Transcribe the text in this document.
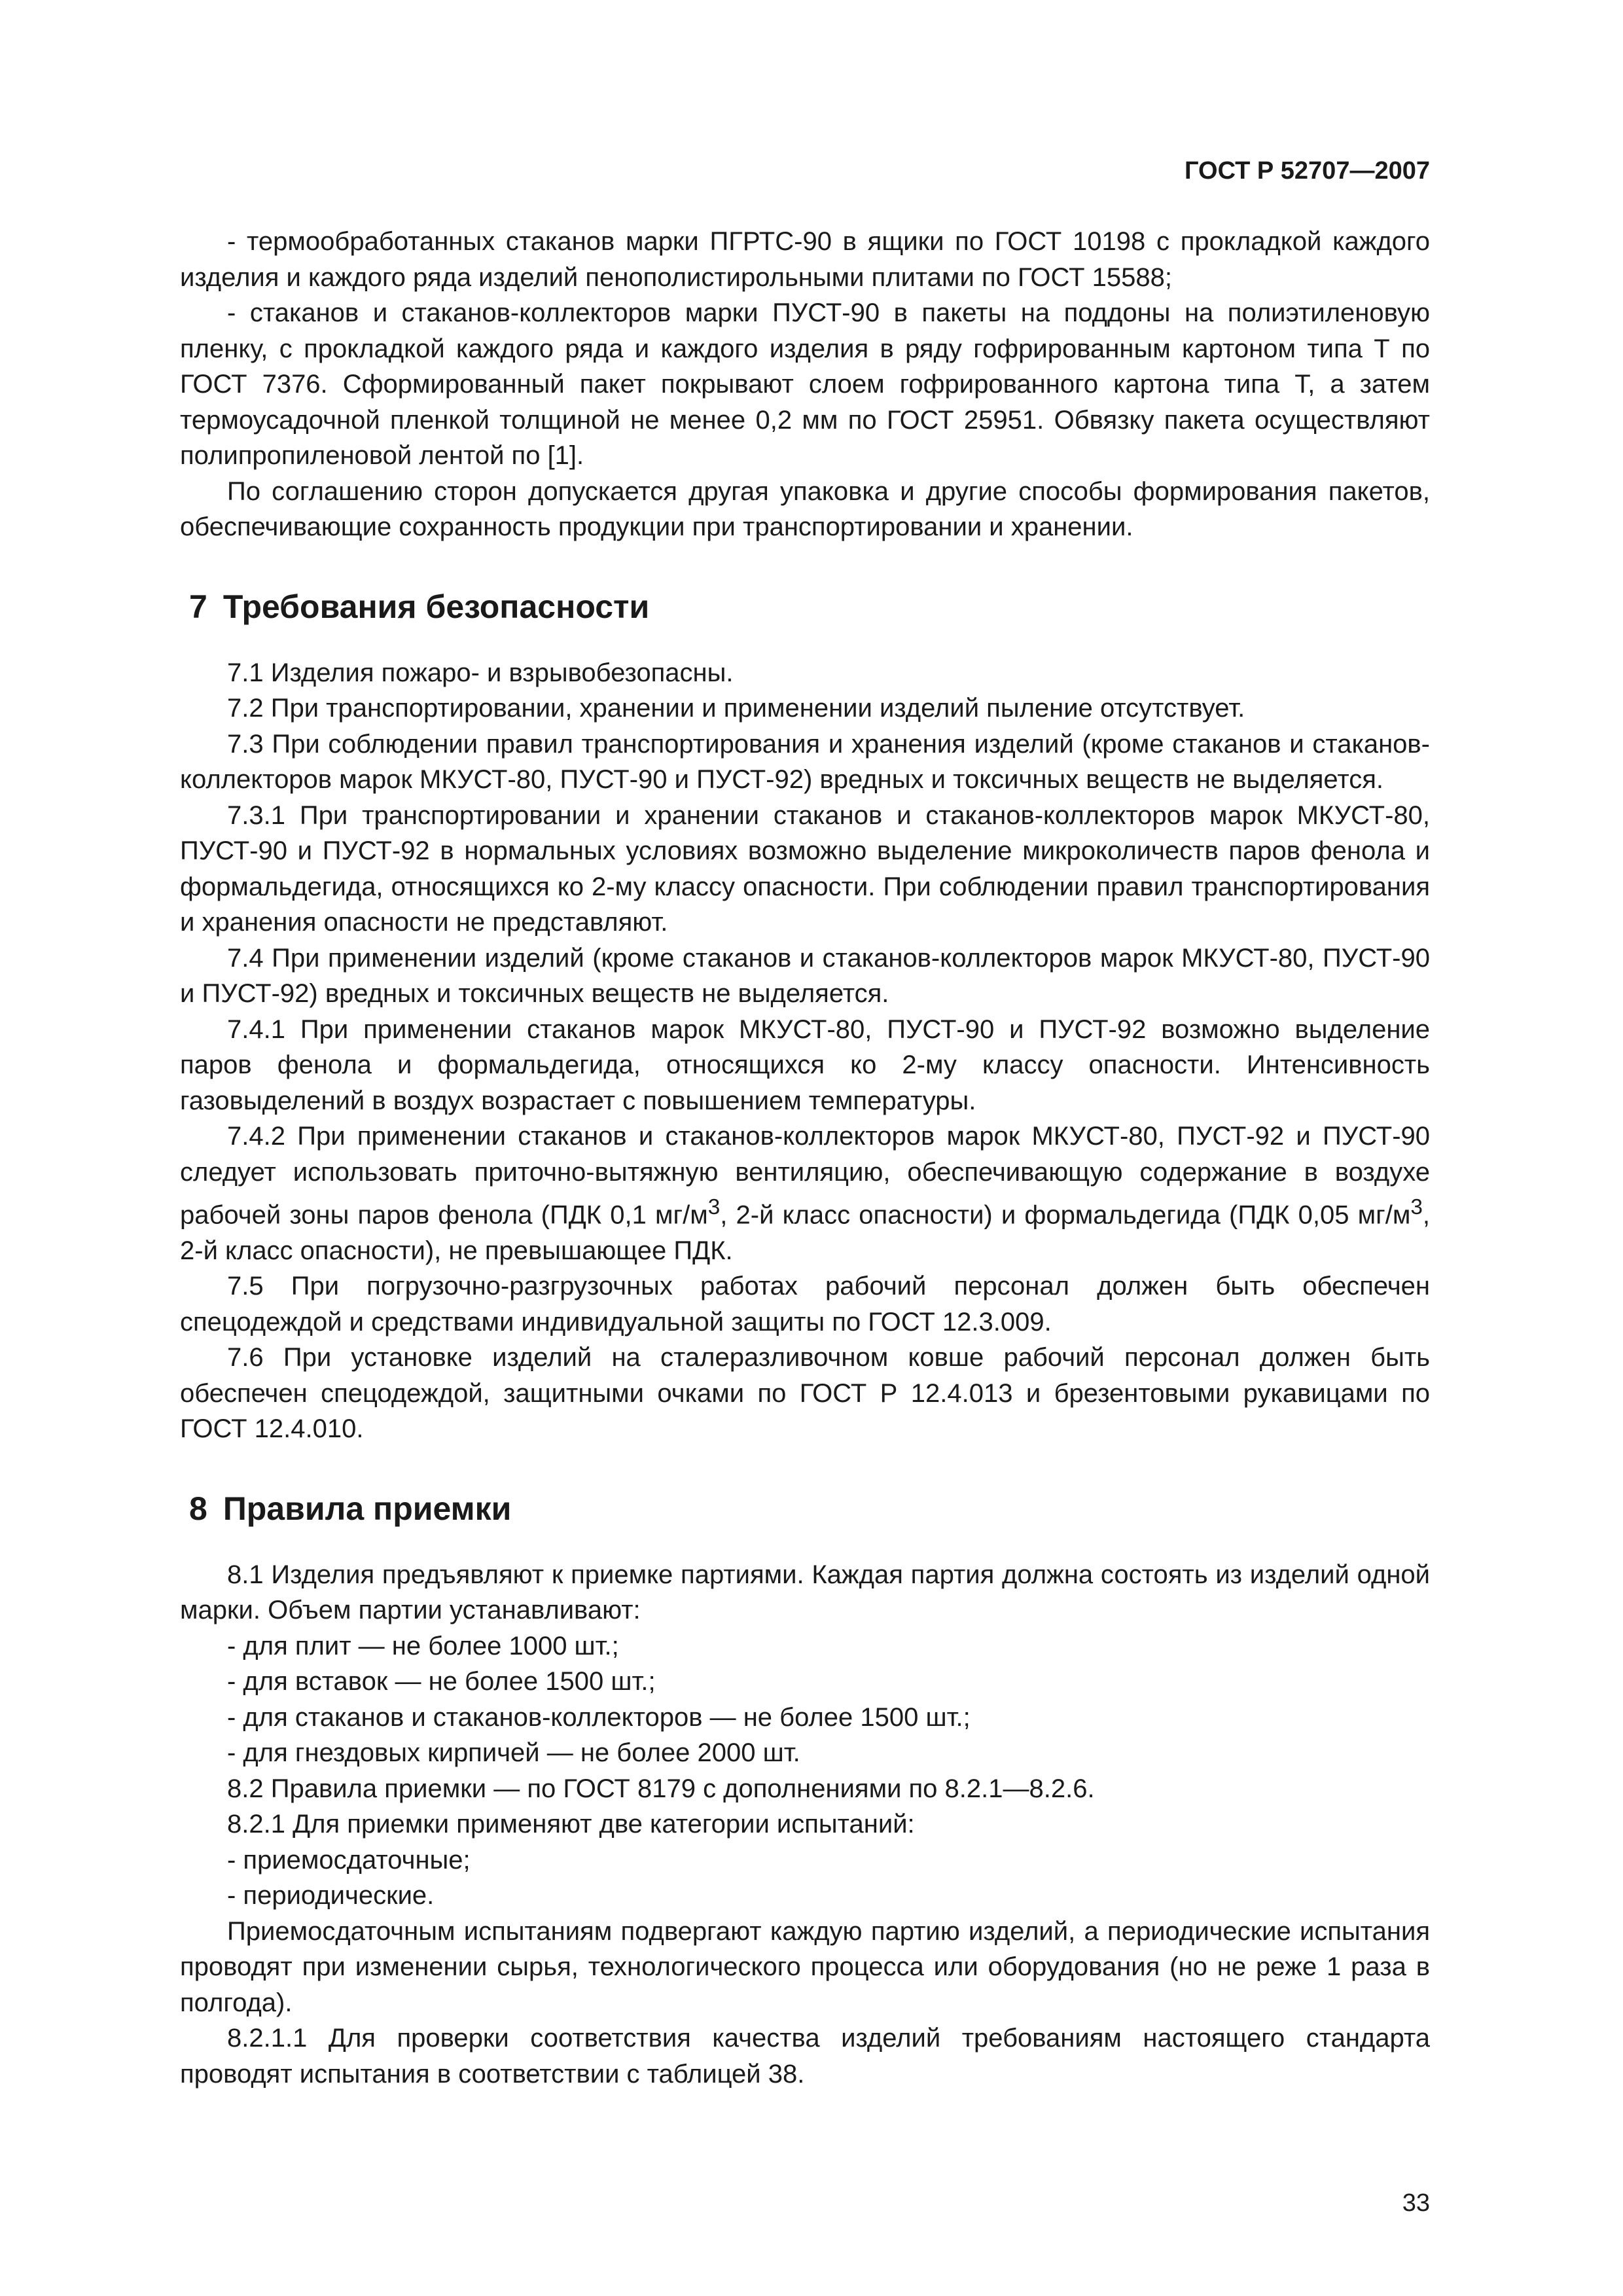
ГОСТ Р 52707—2007

- термообработанных стаканов марки ПГРТС-90 в ящики по ГОСТ 10198 с прокладкой каждого изделия и каждого ряда изделий пенополистирольными плитами по ГОСТ 15588;

- стаканов и стаканов-коллекторов марки ПУСТ-90 в пакеты на поддоны на полиэтиленовую пленку, с прокладкой каждого ряда и каждого изделия в ряду гофрированным картоном типа Т по ГОСТ 7376. Сформированный пакет покрывают слоем гофрированного картона типа Т, а затем термоусадочной пленкой толщиной не менее 0,2 мм по ГОСТ 25951. Обвязку пакета осуществляют полипропиленовой лентой по [1].

По соглашению сторон допускается другая упаковка и другие способы формирования пакетов, обеспечивающие сохранность продукции при транспортировании и хранении.

7 Требования безопасности

7.1 Изделия пожаро- и взрывобезопасны.

7.2 При транспортировании, хранении и применении изделий пыление отсутствует.

7.3 При соблюдении правил транспортирования и хранения изделий (кроме стаканов и стаканов-коллекторов марок МКУСТ-80, ПУСТ-90 и ПУСТ-92) вредных и токсичных веществ не выделяется.

7.3.1 При транспортировании и хранении стаканов и стаканов-коллекторов марок МКУСТ-80, ПУСТ-90 и ПУСТ-92 в нормальных условиях возможно выделение микроколичеств паров фенола и формальдегида, относящихся ко 2-му классу опасности. При соблюдении правил транспортирования и хранения опасности не представляют.

7.4 При применении изделий (кроме стаканов и стаканов-коллекторов марок МКУСТ-80, ПУСТ-90 и ПУСТ-92) вредных и токсичных веществ не выделяется.

7.4.1 При применении стаканов марок МКУСТ-80, ПУСТ-90 и ПУСТ-92 возможно выделение паров фенола и формальдегида, относящихся ко 2-му классу опасности. Интенсивность газовыделений в воздух возрастает с повышением температуры.

7.4.2 При применении стаканов и стаканов-коллекторов марок МКУСТ-80, ПУСТ-92 и ПУСТ-90 следует использовать приточно-вытяжную вентиляцию, обеспечивающую содержание в воздухе рабочей зоны паров фенола (ПДК 0,1 $мг/м^3$, 2-й класс опасности) и формальдегида (ПДК 0,05 $мг/м^3$, 2-й класс опасности), не превышающее ПДК.

7.5 При погрузочно-разгрузочных работах рабочий персонал должен быть обеспечен спецодеждой и средствами индивидуальной защиты по ГОСТ 12.3.009.

7.6 При установке изделий на сталеразливочном ковше рабочий персонал должен быть обеспечен спецодеждой, защитными очками по ГОСТ Р 12.4.013 и брезентовыми рукавицами по ГОСТ 12.4.010.

8 Правила приемки

8.1 Изделия предъявляют к приемке партиями. Каждая партия должна состоять из изделий одной марки. Объем партии устанавливают:

- для плит — не более 1000 шт.;

- для вставок — не более 1500 шт.;

- для стаканов и стаканов-коллекторов — не более 1500 шт.;

- для гнездовых кирпичей — не более 2000 шт.

8.2 Правила приемки — по ГОСТ 8179 с дополнениями по 8.2.1—8.2.6.

8.2.1 Для приемки применяют две категории испытаний:

- приемосдаточные;

- периодические.

Приемосдаточным испытаниям подвергают каждую партию изделий, а периодические испытания проводят при изменении сырья, технологического процесса или оборудования (но не реже 1 раза в полгода).

8.2.1.1 Для проверки соответствия качества изделий требованиям настоящего стандарта проводят испытания в соответствии с таблицей 38.

33
